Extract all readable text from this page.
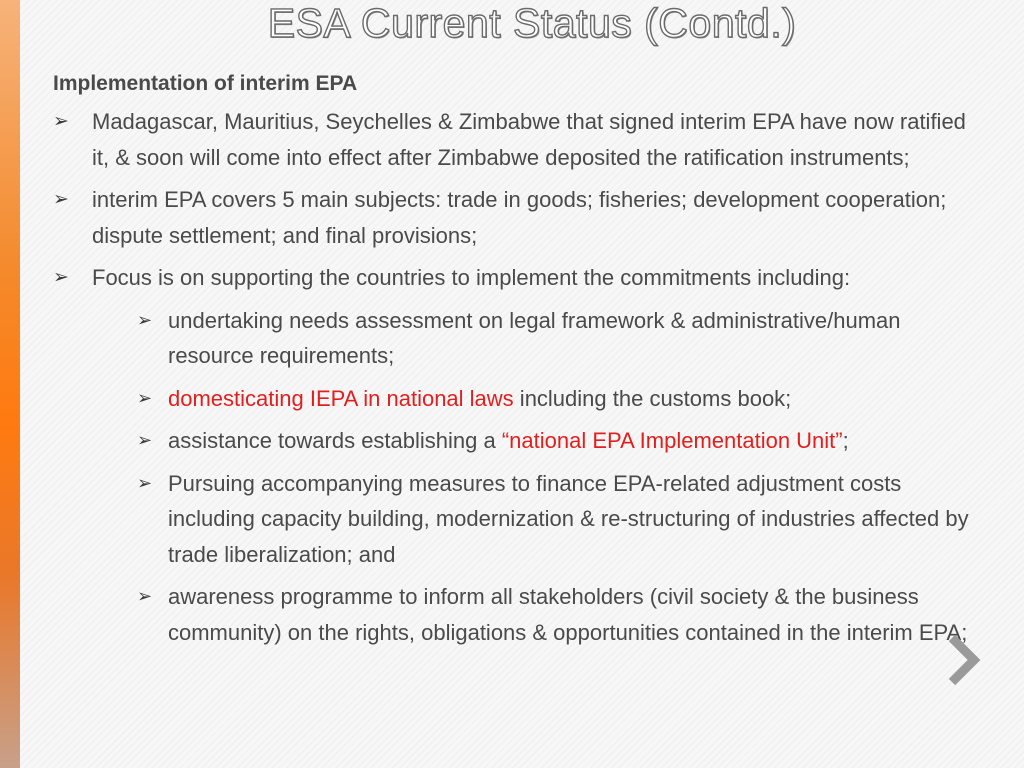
ESA Current Status (Contd.)
Implementation of interim EPA
➢ Madagascar, Mauritius, Seychelles & Zimbabwe that signed interim EPA have now ratified it, & soon will come into effect after Zimbabwe deposited the ratification instruments;
➢ interim EPA covers 5 main subjects: trade in goods; fisheries; development cooperation; dispute settlement; and final provisions;
➢ Focus is on supporting the countries to implement the commitments including:
➢ undertaking needs assessment on legal framework & administrative/human resource requirements;
➢ domesticating IEPA in national laws including the customs book;
➢ assistance towards establishing a “national EPA Implementation Unit”;
➢ Pursuing accompanying measures to finance EPA-related adjustment costs including capacity building, modernization & re-structuring of industries affected by trade liberalization; and
➢ awareness programme to inform all stakeholders (civil society & the business community) on the rights, obligations & opportunities contained in the interim EPA;
